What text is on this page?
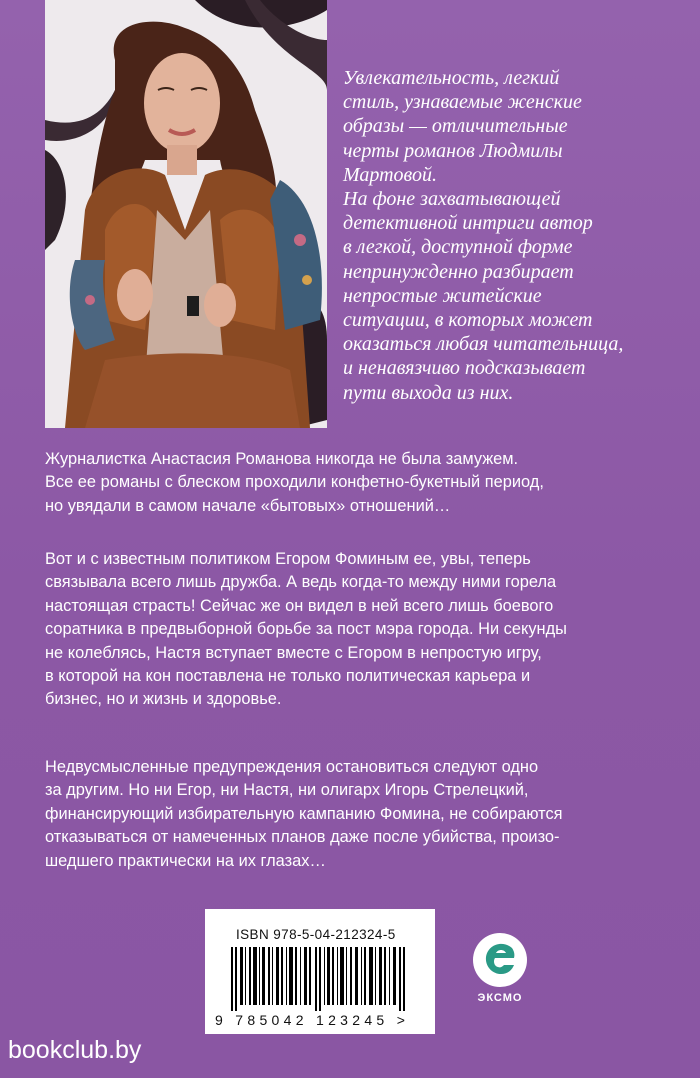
Увлекательность, легкий

стиль, узнаваемые женские

образы — отличительные

черты романов Людмилы

Мартовой.

На фоне захватывающей

детективной интриги автор

в легкой, доступной форме

непринужденно разбирает

непростые житейские

ситуации, в которых может

оказаться любая читательница,

и ненавязчиво подсказывает

пути выхода из них.

Журналистка Анастасия Романова никогда не была замужем.

Все ее романы с блеском проходили конфетно-букетный период,

но увядали в самом начале «бытовых» отношений…

Вот и с известным политиком Егором Фоминым ее, увы, теперь

связывала всего лишь дружба. А ведь когда-то между ними горела

настоящая страсть! Сейчас же он видел в ней всего лишь боевого

соратника в предвыборной борьбе за пост мэра города. Ни секунды

не колеблясь, Настя вступает вместе с Егором в непростую игру,

в которой на кон поставлена не только политическая карьера и

бизнес, но и жизнь и здоровье.

Недвусмысленные предупреждения остановиться следуют одно

за другим. Но ни Егор, ни Настя, ни олигарх Игорь Стрелецкий,

финансирующий избирательную кампанию Фомина, не собираются

отказываться от намеченных планов даже после убийства, произо-

шедшего практически на их глазах…

ISBN 978-5-04-212324-5
9 785042 123245 >
ЭКСМО
bookclub.by
